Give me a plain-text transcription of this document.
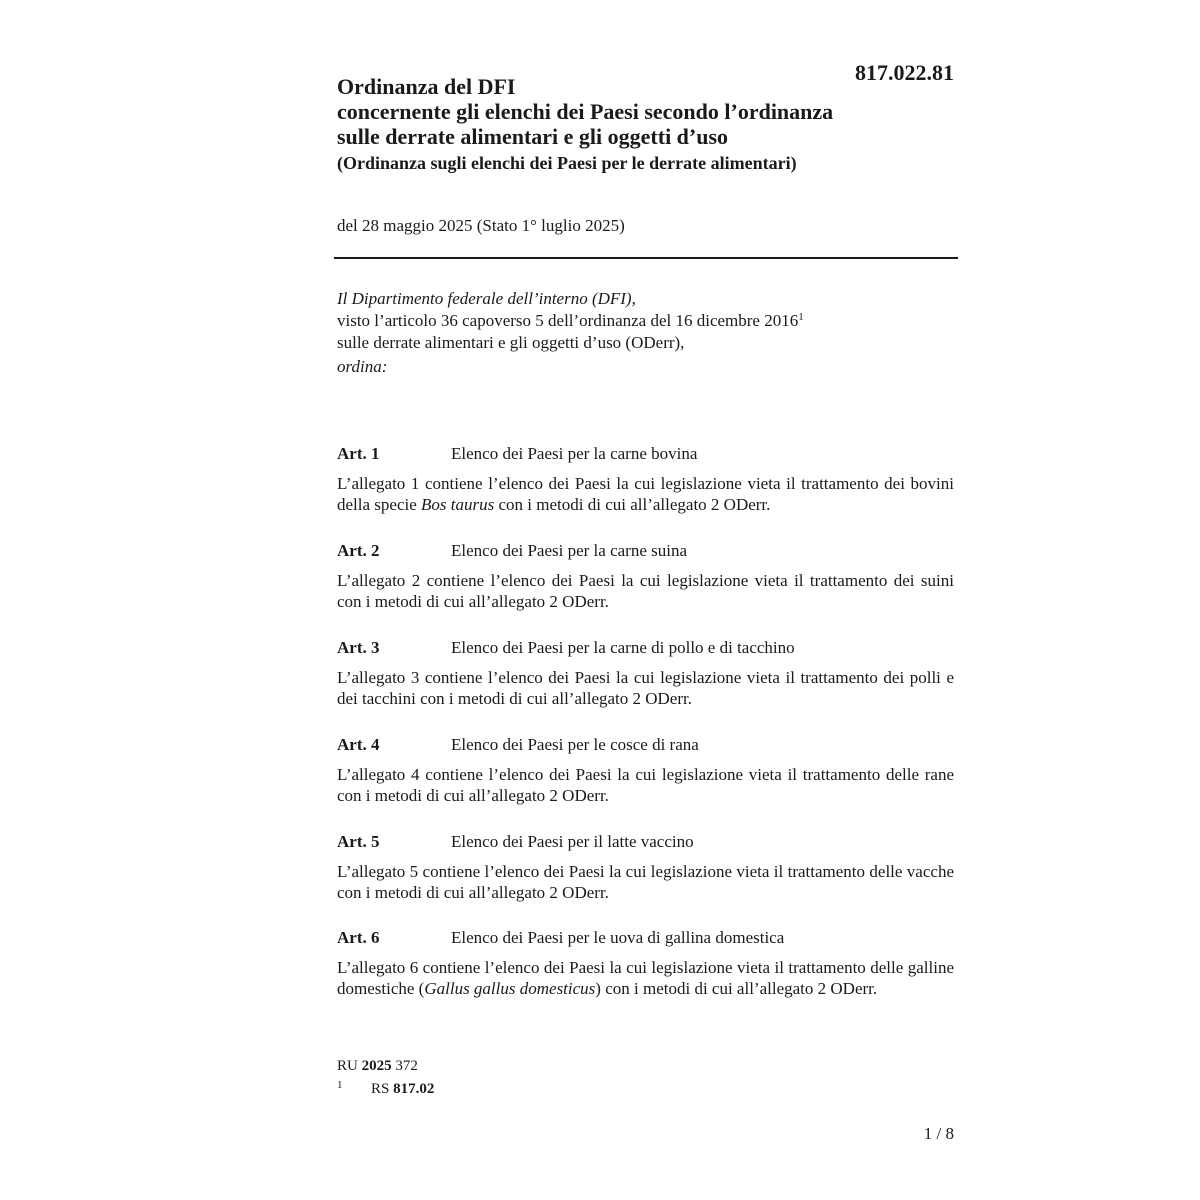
817.022.81
Ordinanza del DFI
concernente gli elenchi dei Paesi secondo l’ordinanza
sulle derrate alimentari e gli oggetti d’uso
(Ordinanza sugli elenchi dei Paesi per le derrate alimentari)
del 28 maggio 2025 (Stato 1° luglio 2025)
Il Dipartimento federale dell’interno (DFI),
visto l’articolo 36 capoverso 5 dell’ordinanza del 16 dicembre 2016$^1$
sulle derrate alimentari e gli oggetti d’uso (ODerr),
ordina:
Art. 1	Elenco dei Paesi per la carne bovina
L’allegato 1 contiene l’elenco dei Paesi la cui legislazione vieta il trattamento dei bovini della specie Bos taurus con i metodi di cui all’allegato 2 ODerr.
Art. 2	Elenco dei Paesi per la carne suina
L’allegato 2 contiene l’elenco dei Paesi la cui legislazione vieta il trattamento dei suini con i metodi di cui all’allegato 2 ODerr.
Art. 3	Elenco dei Paesi per la carne di pollo e di tacchino
L’allegato 3 contiene l’elenco dei Paesi la cui legislazione vieta il trattamento dei polli e dei tacchini con i metodi di cui all’allegato 2 ODerr.
Art. 4	Elenco dei Paesi per le cosce di rana
L’allegato 4 contiene l’elenco dei Paesi la cui legislazione vieta il trattamento delle rane con i metodi di cui all’allegato 2 ODerr.
Art. 5	Elenco dei Paesi per il latte vaccino
L’allegato 5 contiene l’elenco dei Paesi la cui legislazione vieta il trattamento delle vacche con i metodi di cui all’allegato 2 ODerr.
Art. 6	Elenco dei Paesi per le uova di gallina domestica
L’allegato 6 contiene l’elenco dei Paesi la cui legislazione vieta il trattamento delle galline domestiche (Gallus gallus domesticus) con i metodi di cui all’allegato 2 ODerr.
RU 2025 372
1 RS 817.02
1 / 8
